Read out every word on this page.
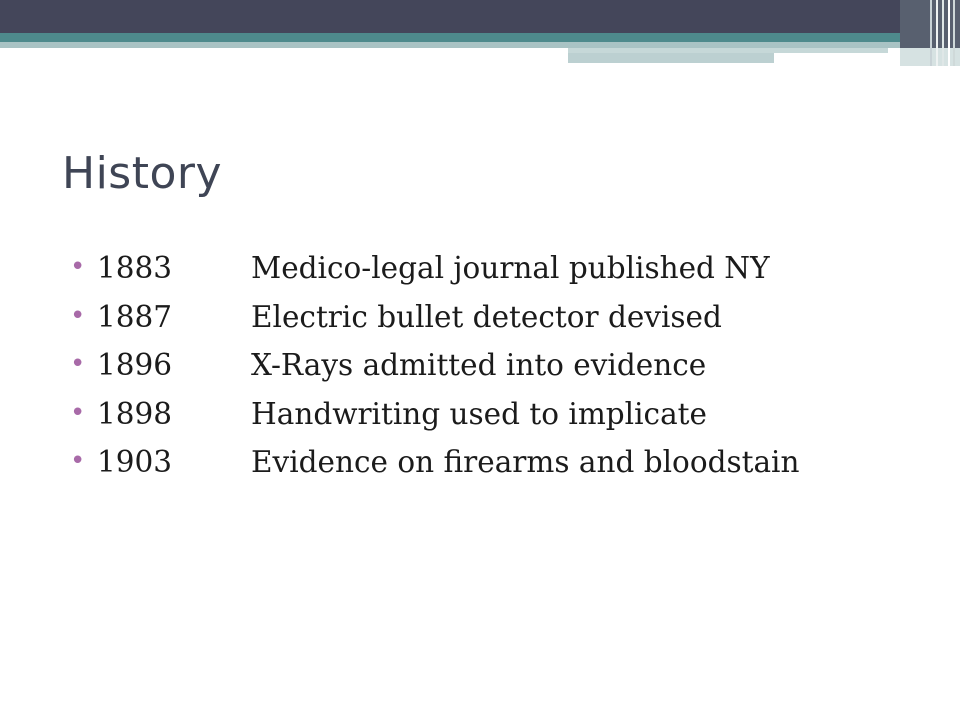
History
• 1883	Medico-legal journal published NY
• 1887	Electric bullet detector devised
• 1896	X-Rays admitted into evidence
• 1898	Handwriting used to implicate
• 1903	Evidence on firearms and bloodstain
